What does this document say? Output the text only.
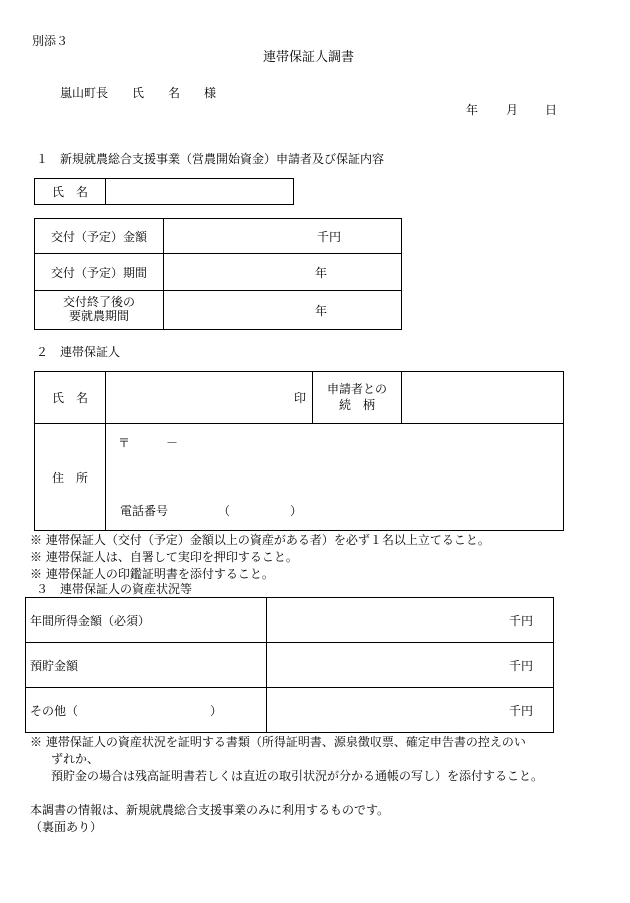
別添３
連帯保証人調書
嵐山町長　　氏　　名　　様
年 月 日
１　新規就農総合支援事業（営農開始資金）申請者及び保証内容
氏　名	
交付（予定）金額	千円
交付（予定）期間	年

交付終了後の
要就農期間	年
２　連帯保証人
氏　名	印	申請者との
続　柄	

住　所	〒　　　－
電話番号 （　　　　　）		
※ 連帯保証人（交付（予定）金額以上の資産がある者）を必ず１名以上立てること。
※ 連帯保証人は、自署して実印を押印すること。
※ 連帯保証人の印鑑証明書を添付すること。
３　連帯保証人の資産状況等
年間所得金額（必須）	千円
預貯金額	千円
その他（　　　　　　　　　　　）	千円
※ 連帯保証人の資産状況を証明する書類（所得証明書、源泉徴収票、確定申告書の控えのい
ずれか、
預貯金の場合は残高証明書若しくは直近の取引状況が分かる通帳の写し）を添付すること。
本調書の情報は、新規就農総合支援事業のみに利用するものです。
（裏面あり）
